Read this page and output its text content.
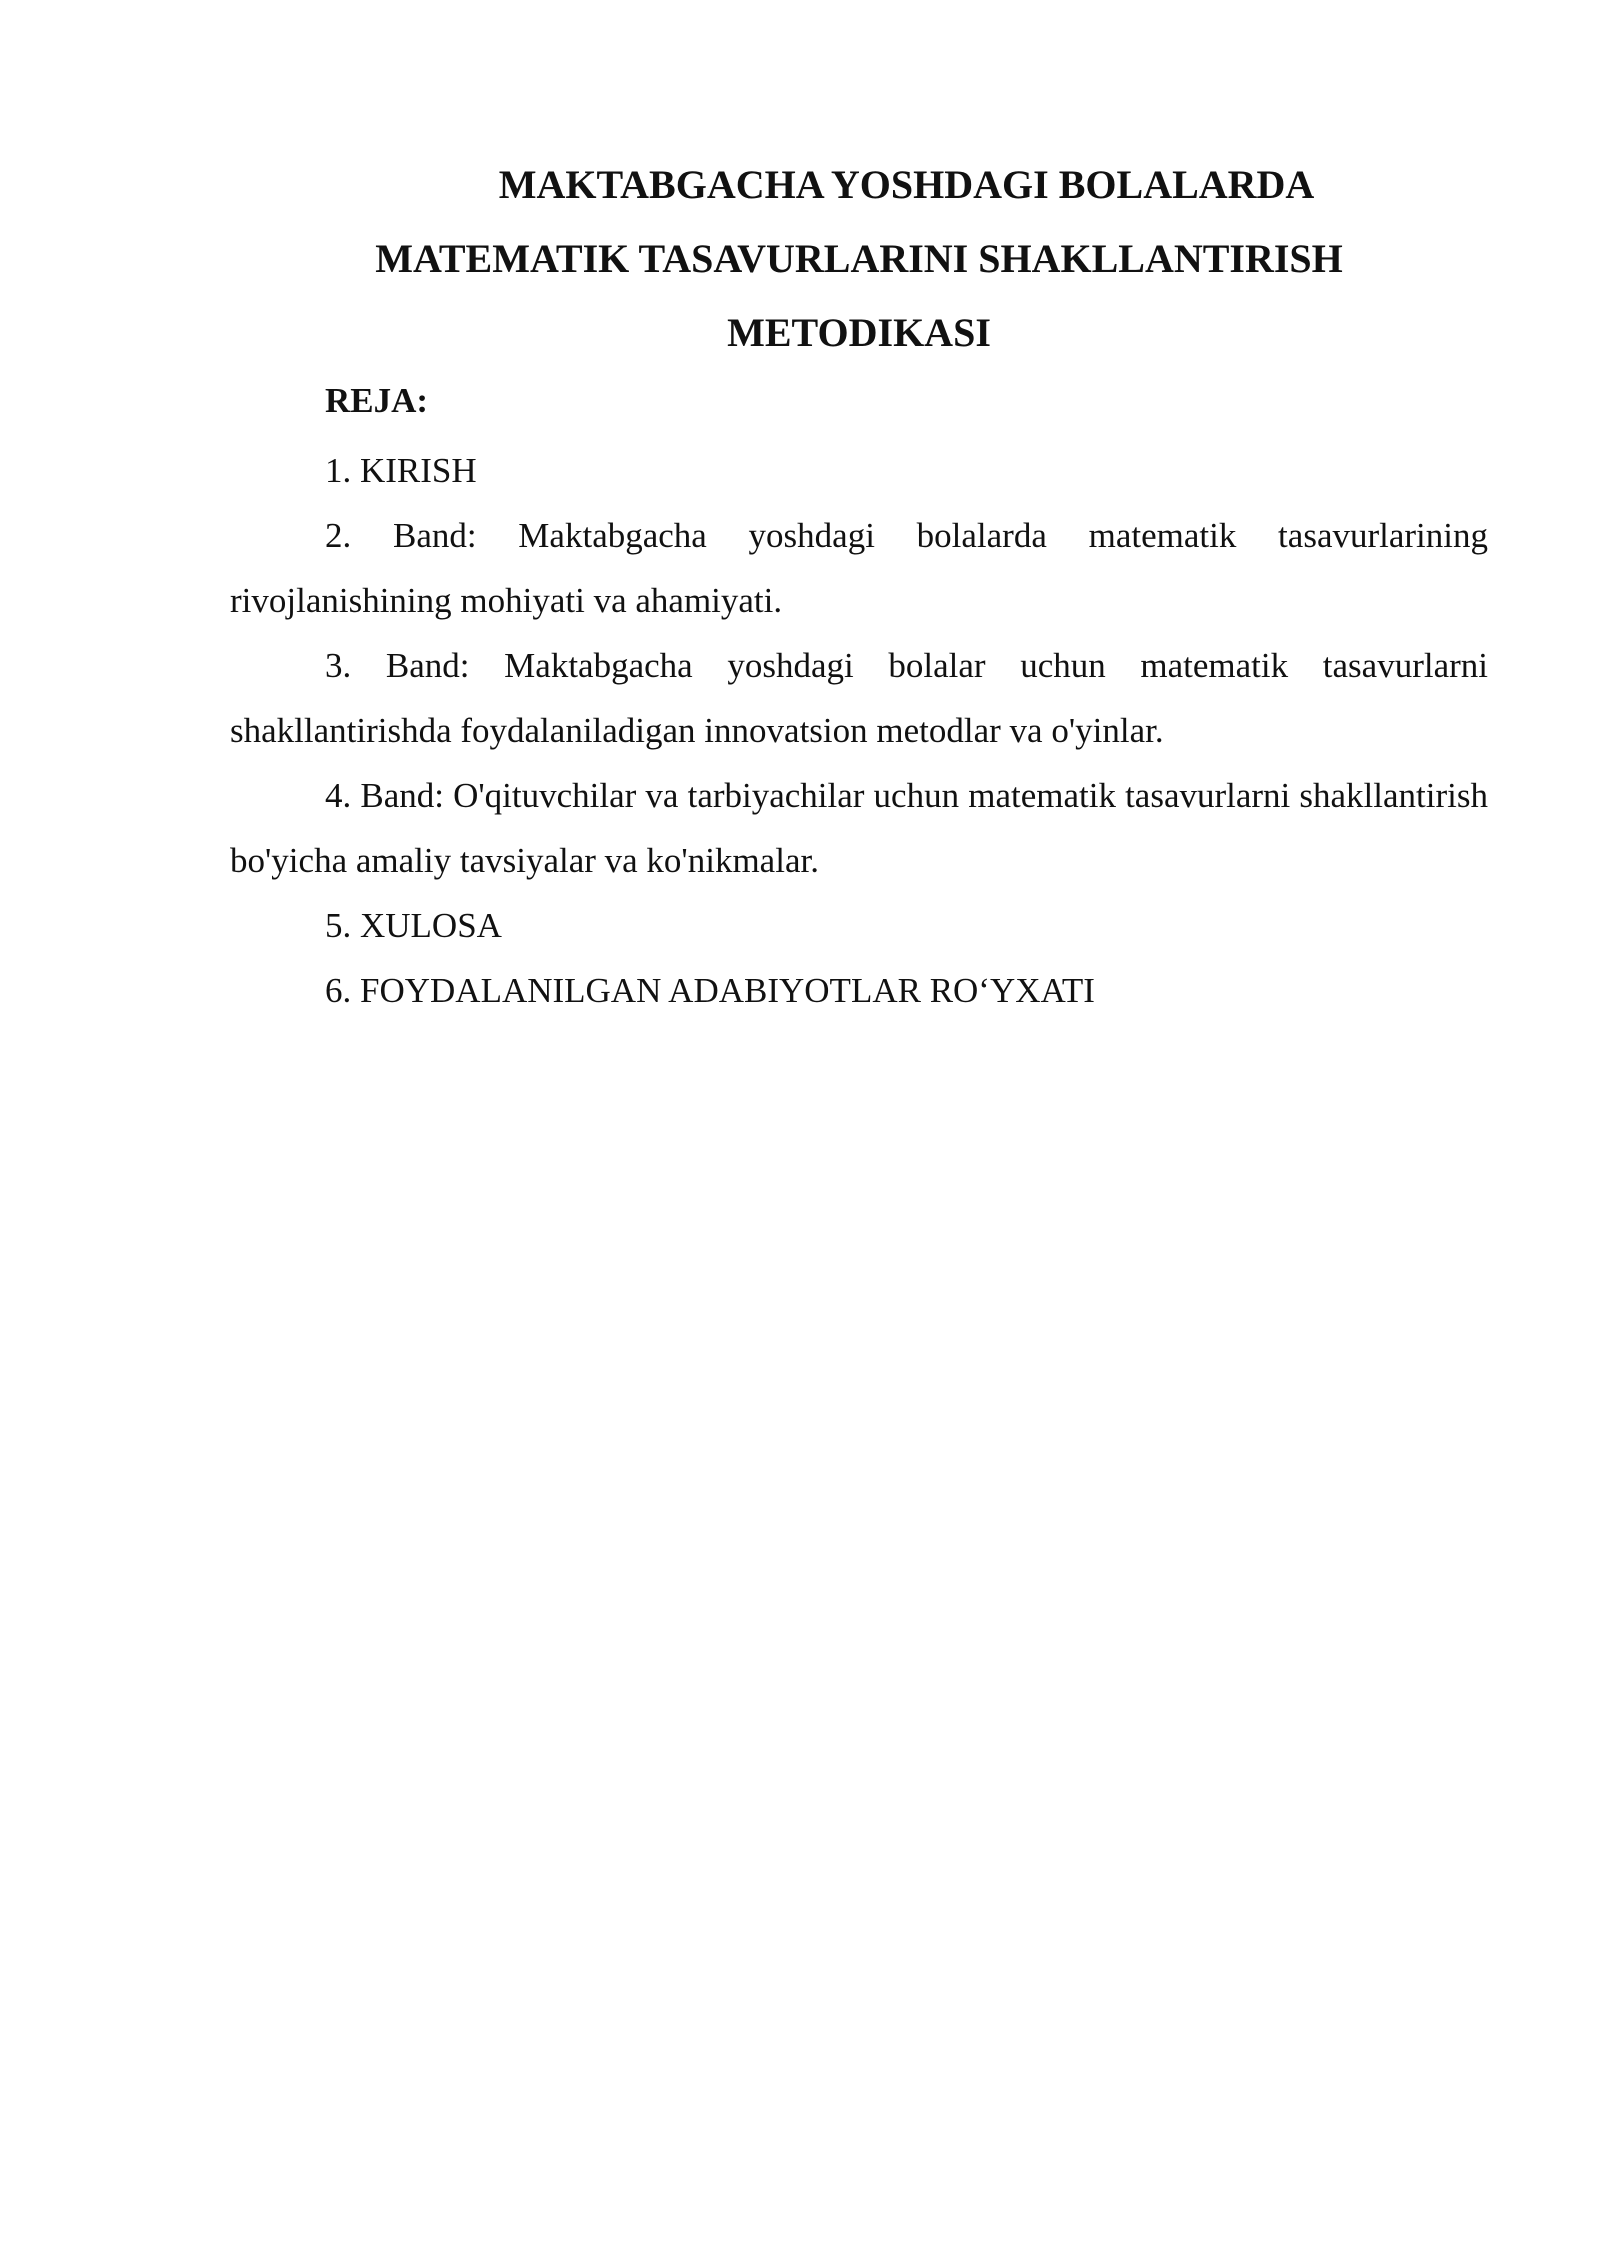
MAKTABGACHA YOSHDAGI BOLALARDA
MATEMATIK TASAVURLARINI SHAKLLANTIRISH
METODIKASI

REJA:

1. KIRISH

2. Band: Maktabgacha yoshdagi bolalarda matematik tasavurlarining rivojlanishining mohiyati va ahamiyati.

3. Band: Maktabgacha yoshdagi bolalar uchun matematik tasavurlarni shakllantirishda foydalaniladigan innovatsion metodlar va o'yinlar.

4. Band: O'qituvchilar va tarbiyachilar uchun matematik tasavurlarni shakllantirish bo'yicha amaliy tavsiyalar va ko'nikmalar.

5. XULOSA

6. FOYDALANILGAN ADABIYOTLAR RO‘YXATI
